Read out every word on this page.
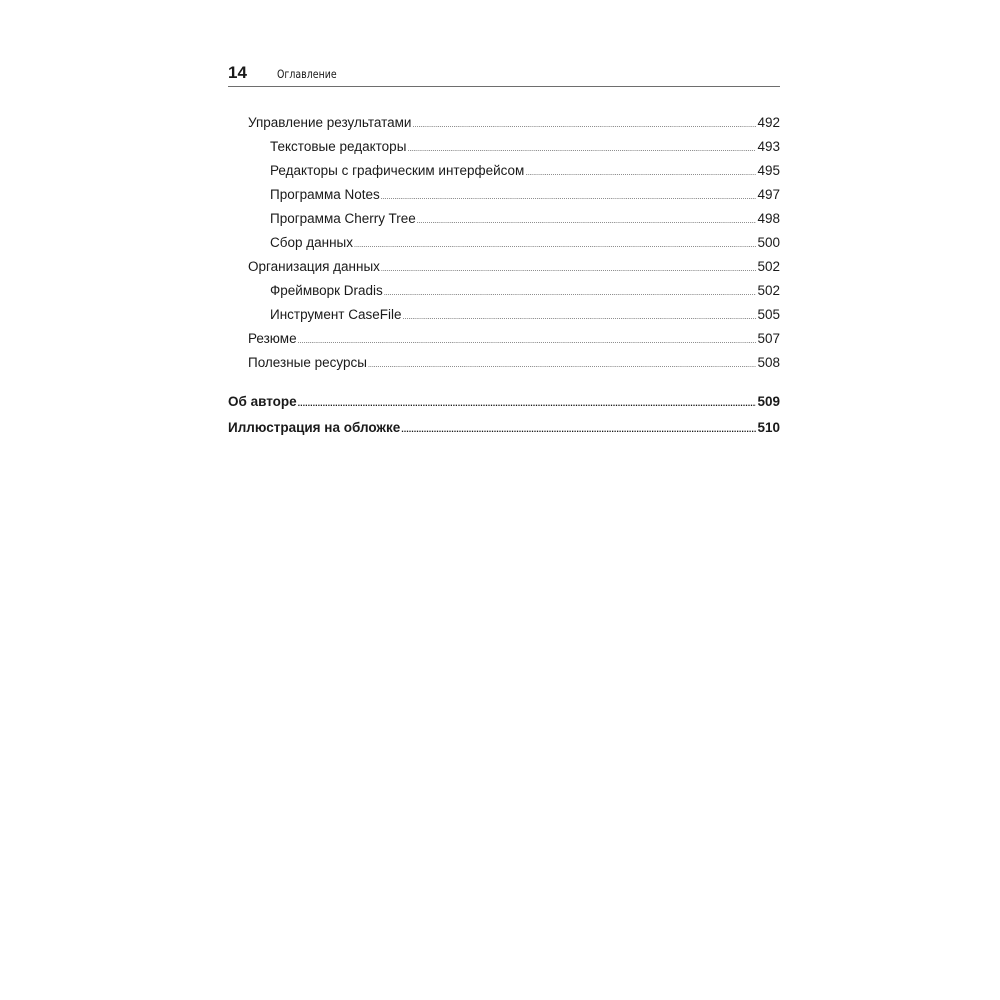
14	Оглавление
Управление результатами .....	492
Текстовые редакторы .....	493
Редакторы с графическим интерфейсом .....	495
Программа Notes .....	497
Программа Cherry Tree .....	498
Сбор данных .....	500
Организация данных .....	502
Фреймворк Dradis .....	502
Инструмент CaseFile .....	505
Резюме .....	507
Полезные ресурсы .....	508
Об авторе .....	509
Иллюстрация на обложке .....	510
